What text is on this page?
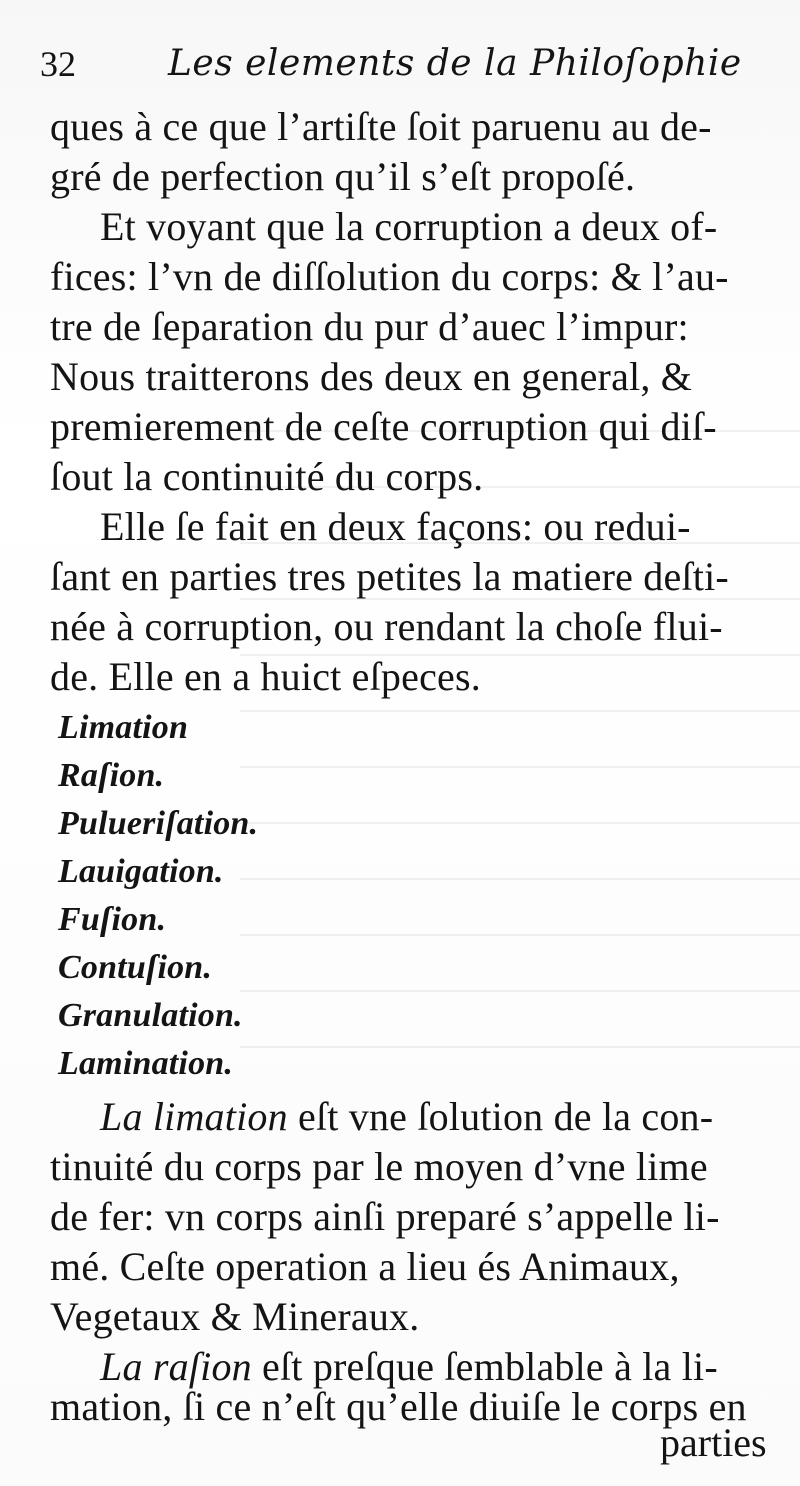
32	Les elements de la Philoſophie
ques à ce que l’artiſte ſoit paruenu au de-
gré de perfection qu’il s’eſt propoſé.
Et voyant que la corruption a deux of-
fices: l’vn de diſſolution du corps: & l’au-
tre de ſeparation du pur d’auec l’impur:
Nous traitterons des deux en general, &
premierement de ceſte corruption qui diſ-
ſout la continuité du corps.
Elle ſe fait en deux façons: ou redui-
ſant en parties tres petites la matiere deſti-
née à corruption, ou rendant la choſe flui-
de. Elle en a huict eſpeces.
Limation
Raſion.
Pulueriſation.
Lauigation.
Fuſion.
Contuſion.
Granulation.
Lamination.
La limation eſt vne ſolution de la con-
tinuité du corps par le moyen d’vne lime
de fer: vn corps ainſi preparé s’appelle li-
mé. Ceſte operation a lieu és Animaux,
Vegetaux & Mineraux.
La raſion eſt preſque ſemblable à la li-
mation, ſi ce n’eſt qu’elle diuiſe le corps en
parties
